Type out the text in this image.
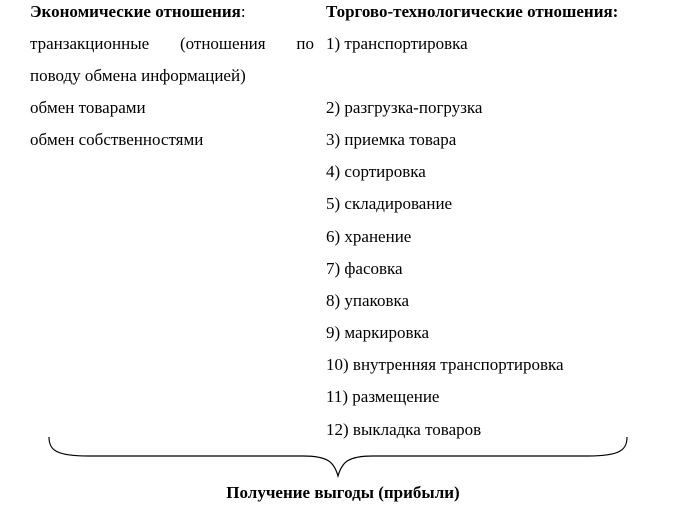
Экономические отношения:
транзакционные (отношения по
поводу обмена информацией)
обмен товарами
обмен собственностями
Торгово-технологические отношения:
1) транспортировка
2) разгрузка-погрузка
3) приемка товара
4) сортировка
5) складирование
6) хранение
7) фасовка
8) упаковка
9) маркировка
10) внутренняя транспортировка
11) размещение
12) выкладка товаров
Получение выгоды (прибыли)
